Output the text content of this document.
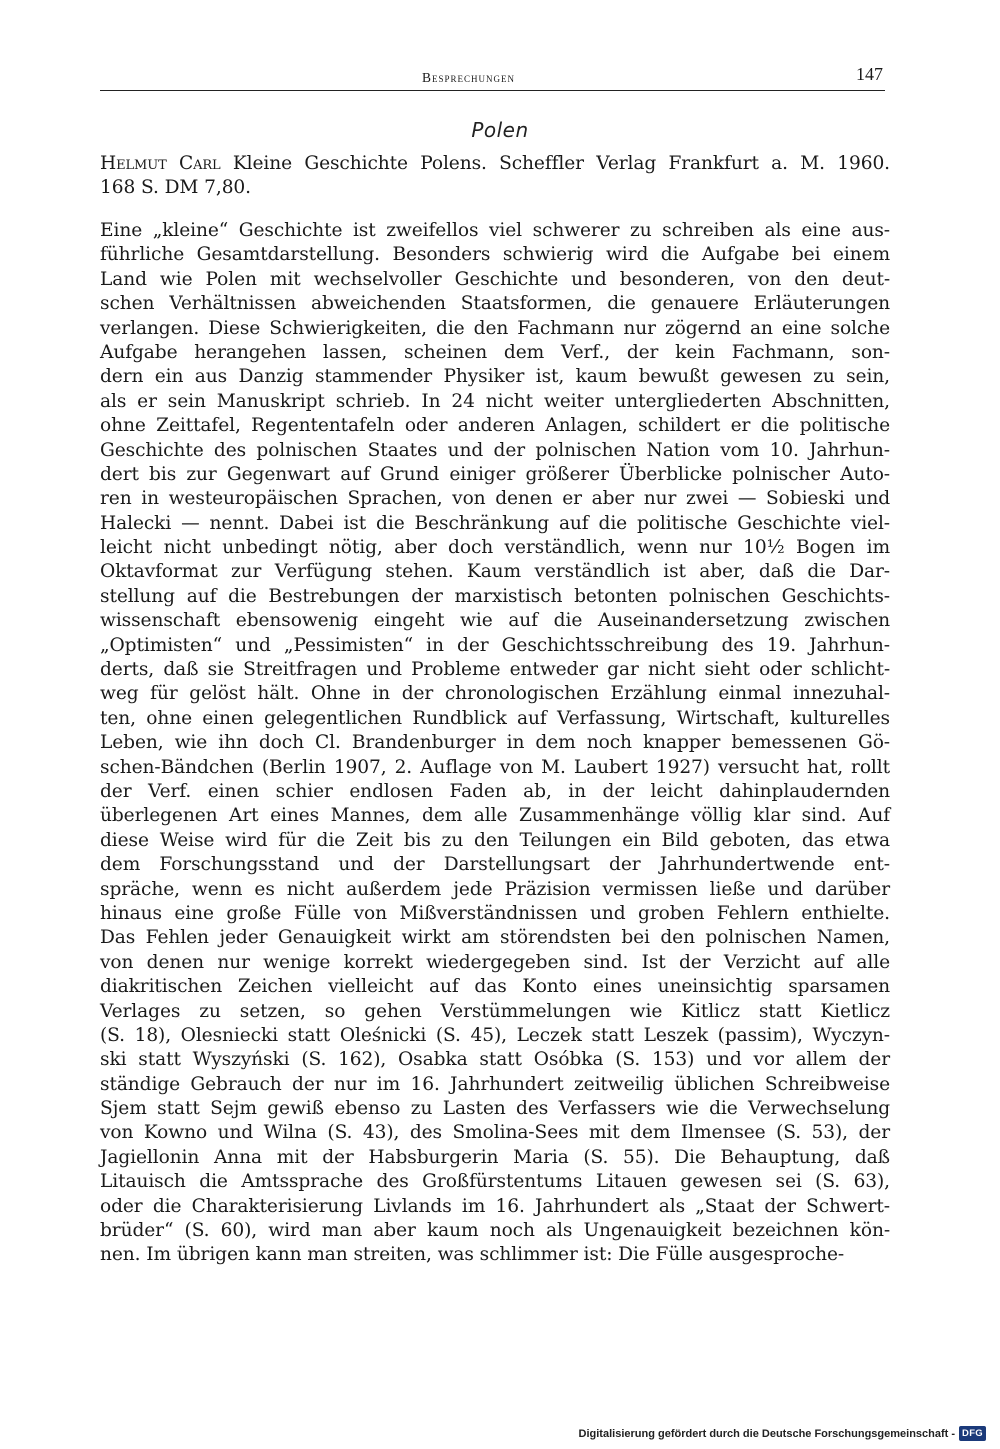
Besprechungen	147
Polen
Helmut Carl Kleine Geschichte Polens. Scheffler Verlag Frankfurt a. M. 1960.
168 S. DM 7,80.
Eine „kleine“ Geschichte ist zweifellos viel schwerer zu schreiben als eine aus-
führliche Gesamtdarstellung. Besonders schwierig wird die Aufgabe bei einem
Land wie Polen mit wechselvoller Geschichte und besonderen, von den deut-
schen Verhältnissen abweichenden Staatsformen, die genauere Erläuterungen
verlangen. Diese Schwierigkeiten, die den Fachmann nur zögernd an eine solche
Aufgabe herangehen lassen, scheinen dem Verf., der kein Fachmann, son-
dern ein aus Danzig stammender Physiker ist, kaum bewußt gewesen zu sein,
als er sein Manuskript schrieb. In 24 nicht weiter untergliederten Abschnitten,
ohne Zeittafel, Regententafeln oder anderen Anlagen, schildert er die politische
Geschichte des polnischen Staates und der polnischen Nation vom 10. Jahrhun-
dert bis zur Gegenwart auf Grund einiger größerer Überblicke polnischer Auto-
ren in westeuropäischen Sprachen, von denen er aber nur zwei — Sobieski und
Halecki — nennt. Dabei ist die Beschränkung auf die politische Geschichte viel-
leicht nicht unbedingt nötig, aber doch verständlich, wenn nur 10½ Bogen im
Oktavformat zur Verfügung stehen. Kaum verständlich ist aber, daß die Dar-
stellung auf die Bestrebungen der marxistisch betonten polnischen Geschichts-
wissenschaft ebensowenig eingeht wie auf die Auseinandersetzung zwischen
„Optimisten“ und „Pessimisten“ in der Geschichtsschreibung des 19. Jahrhun-
derts, daß sie Streitfragen und Probleme entweder gar nicht sieht oder schlicht-
weg für gelöst hält. Ohne in der chronologischen Erzählung einmal innezuhal-
ten, ohne einen gelegentlichen Rundblick auf Verfassung, Wirtschaft, kulturelles
Leben, wie ihn doch Cl. Brandenburger in dem noch knapper bemessenen Gö-
schen-Bändchen (Berlin 1907, 2. Auflage von M. Laubert 1927) versucht hat, rollt
der Verf. einen schier endlosen Faden ab, in der leicht dahinplaudernden
überlegenen Art eines Mannes, dem alle Zusammenhänge völlig klar sind. Auf
diese Weise wird für die Zeit bis zu den Teilungen ein Bild geboten, das etwa
dem Forschungsstand und der Darstellungsart der Jahrhundertwende ent-
spräche, wenn es nicht außerdem jede Präzision vermissen ließe und darüber
hinaus eine große Fülle von Mißverständnissen und groben Fehlern enthielte.
Das Fehlen jeder Genauigkeit wirkt am störendsten bei den polnischen Namen,
von denen nur wenige korrekt wiedergegeben sind. Ist der Verzicht auf alle
diakritischen Zeichen vielleicht auf das Konto eines uneinsichtig sparsamen
Verlages zu setzen, so gehen Verstümmelungen wie Kitlicz statt Kietlicz
(S. 18), Olesniecki statt Oleśnicki (S. 45), Leczek statt Leszek (passim), Wyczyn-
ski statt Wyszyński (S. 162), Osabka statt Osóbka (S. 153) und vor allem der
ständige Gebrauch der nur im 16. Jahrhundert zeitweilig üblichen Schreibweise
Sjem statt Sejm gewiß ebenso zu Lasten des Verfassers wie die Verwechselung
von Kowno und Wilna (S. 43), des Smolina-Sees mit dem Ilmensee (S. 53), der
Jagiellonin Anna mit der Habsburgerin Maria (S. 55). Die Behauptung, daß
Litauisch die Amtssprache des Großfürstentums Litauen gewesen sei (S. 63),
oder die Charakterisierung Livlands im 16. Jahrhundert als „Staat der Schwert-
brüder“ (S. 60), wird man aber kaum noch als Ungenauigkeit bezeichnen kön-
nen. Im übrigen kann man streiten, was schlimmer ist: Die Fülle ausgesproche-
Digitalisierung gefördert durch die Deutsche Forschungsgemeinschaft - DFG
